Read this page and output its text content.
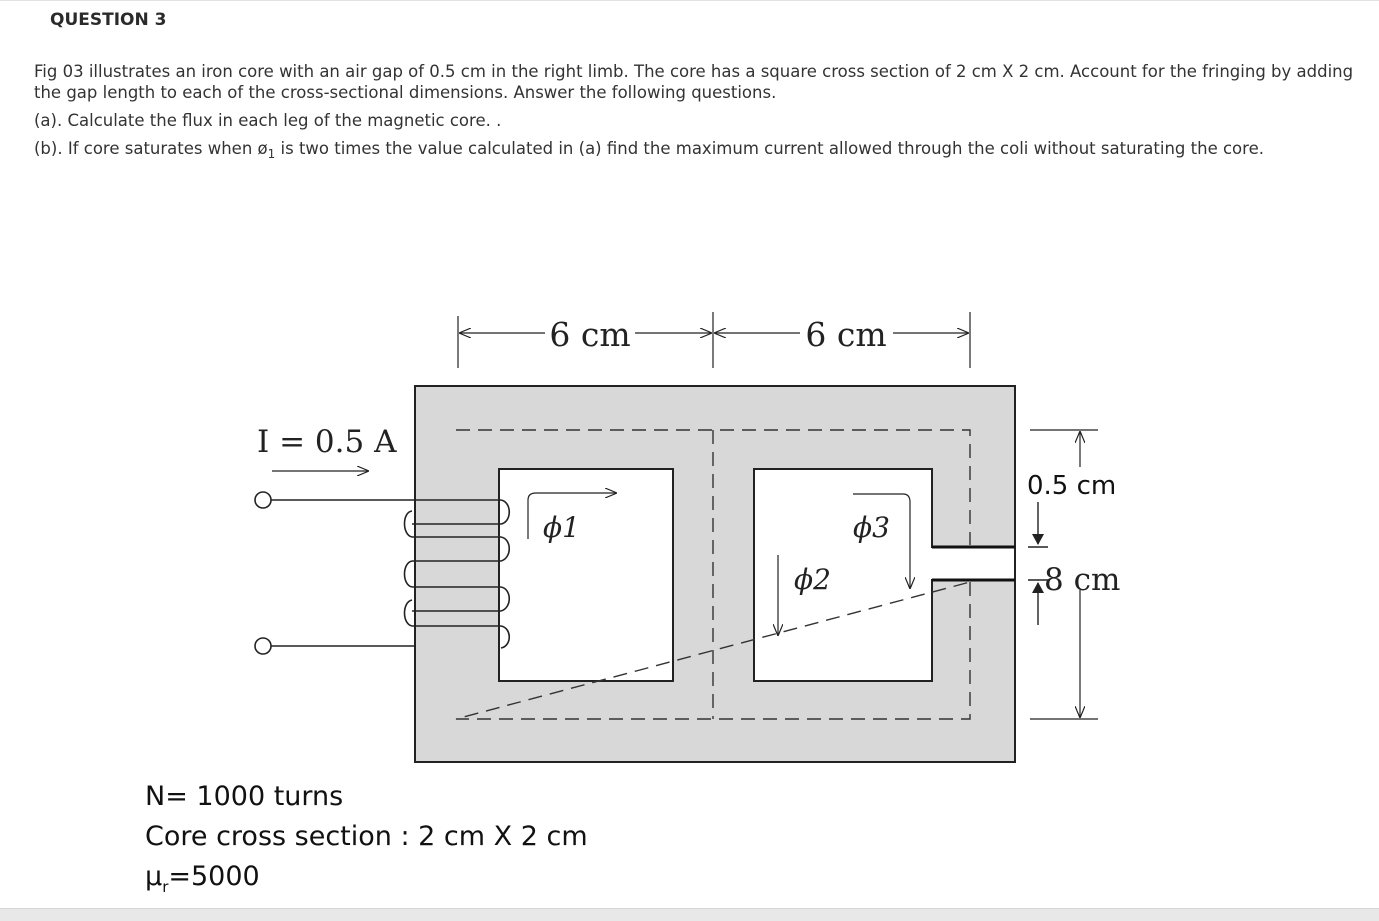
QUESTION 3

Fig 03 illustrates an iron core with an air gap of 0.5 cm in the right limb. The core has a square cross section of 2 cm X 2 cm. Account for the fringing by adding the gap length to each of the cross-sectional dimensions. Answer the following questions.

(a). Calculate the flux in each leg of the magnetic core. .

(b). If core saturates when $ø_1$ is two times the value calculated in (a) find the maximum current allowed through the coli without saturating the core.

6 cm	6 cm
I = 0.5 A
ϕ1	ϕ3
ϕ2
0.5 cm
8 cm
N= 1000 turns
Core cross section : 2 cm X 2 cm
$\mu_r=5000$
